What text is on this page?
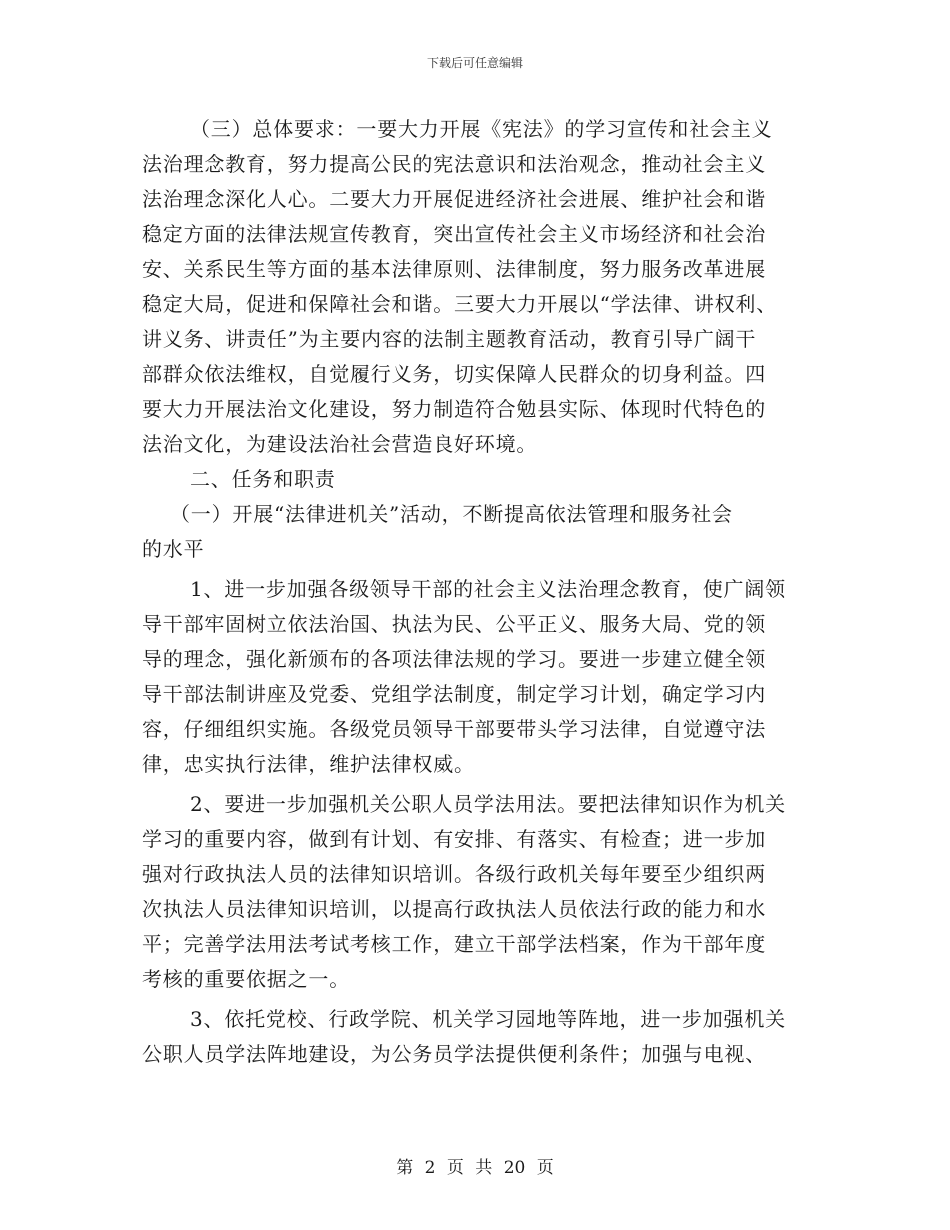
下载后可任意编辑
（三）总体要求：一要大力开展《宪法》的学习宣传和社会主义
法治理念教育，努力提高公民的宪法意识和法治观念，推动社会主义
法治理念深化人心。二要大力开展促进经济社会进展、维护社会和谐
稳定方面的法律法规宣传教育，突出宣传社会主义市场经济和社会治
安、关系民生等方面的基本法律原则、法律制度，努力服务改革进展
稳定大局，促进和保障社会和谐。三要大力开展以“学法律、讲权利、
讲义务、讲责任”为主要内容的法制主题教育活动，教育引导广阔干
部群众依法维权，自觉履行义务，切实保障人民群众的切身利益。四
要大力开展法治文化建设，努力制造符合勉县实际、体现时代特色的
法治文化，为建设法治社会营造良好环境。
二、任务和职责
（一）开展“法律进机关”活动，不断提高依法管理和服务社会
的水平
1、进一步加强各级领导干部的社会主义法治理念教育，使广阔领
导干部牢固树立依法治国、执法为民、公平正义、服务大局、党的领
导的理念，强化新颁布的各项法律法规的学习。要进一步建立健全领
导干部法制讲座及党委、党组学法制度，制定学习计划，确定学习内
容，仔细组织实施。各级党员领导干部要带头学习法律，自觉遵守法
律，忠实执行法律，维护法律权威。
2、要进一步加强机关公职人员学法用法。要把法律知识作为机关
学习的重要内容，做到有计划、有安排、有落实、有检查；进一步加
强对行政执法人员的法律知识培训。各级行政机关每年要至少组织两
次执法人员法律知识培训，以提高行政执法人员依法行政的能力和水
平；完善学法用法考试考核工作，建立干部学法档案，作为干部年度
考核的重要依据之一。
3、依托党校、行政学院、机关学习园地等阵地，进一步加强机关
公职人员学法阵地建设，为公务员学法提供便利条件；加强与电视、
第 2 页 共 20 页
